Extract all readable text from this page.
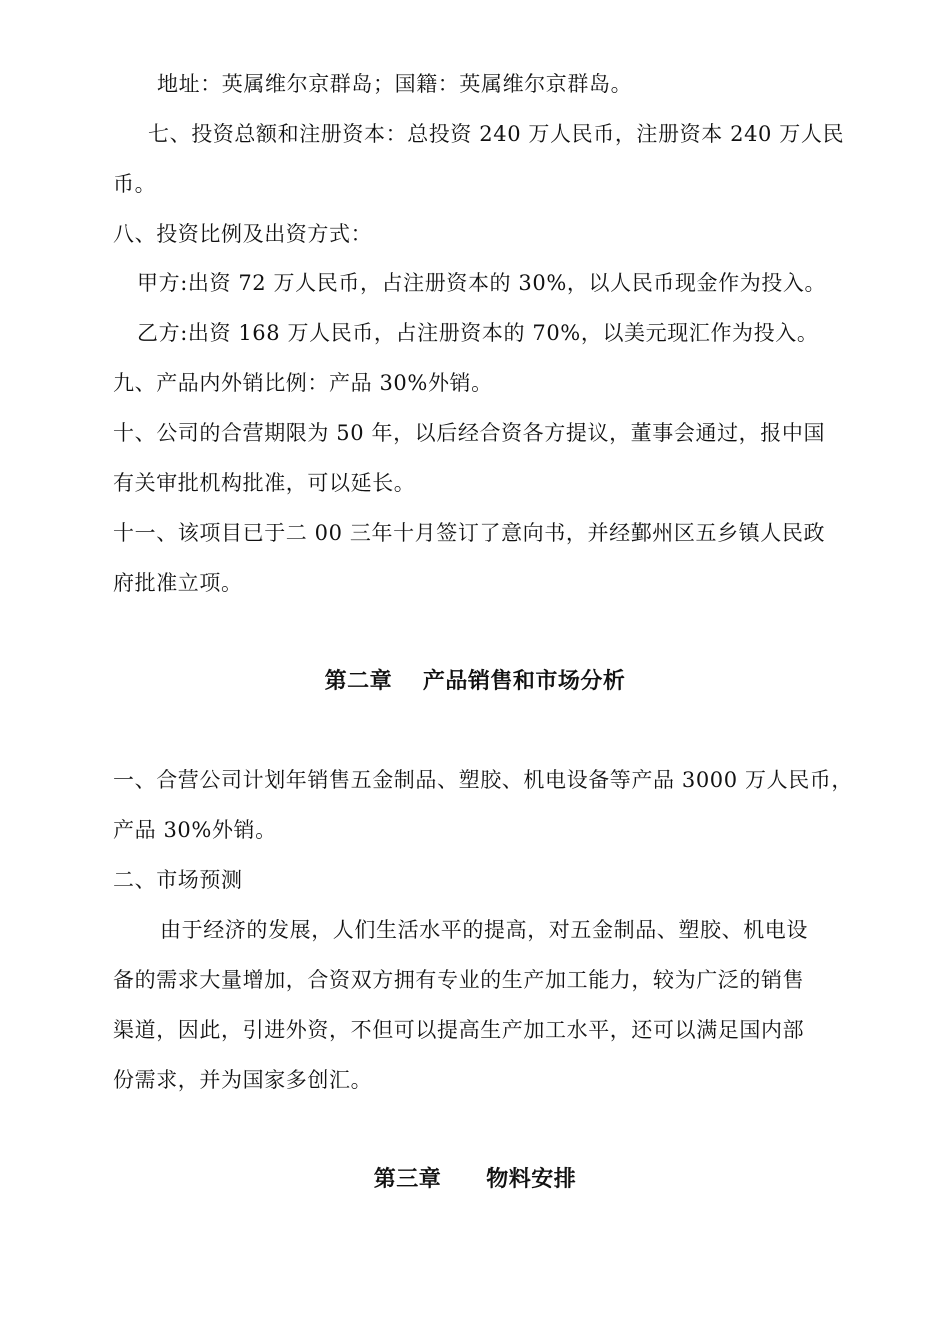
地址：英属维尔京群岛；国籍：英属维尔京群岛。
七、投资总额和注册资本：总投资 240 万人民币，注册资本 240 万人民
币。
八、投资比例及出资方式：
甲方:出资 72 万人民币，占注册资本的 30%，以人民币现金作为投入。
乙方:出资 168 万人民币，占注册资本的 70%，以美元现汇作为投入。
九、产品内外销比例：产品 30%外销。
十、公司的合营期限为 50 年，以后经合资各方提议，董事会通过，报中国
有关审批机构批准，可以延长。
十一、该项目已于二 00 三年十月签订了意向书，并经鄞州区五乡镇人民政
府批准立项。
第二章　 产品销售和市场分析
一、合营公司计划年销售五金制品、塑胶、机电设备等产品 3000 万人民币，
产品 30%外销。
二、市场预测
由于经济的发展，人们生活水平的提高，对五金制品、塑胶、机电设
备的需求大量增加，合资双方拥有专业的生产加工能力，较为广泛的销售
渠道，因此，引进外资，不但可以提高生产加工水平，还可以满足国内部
份需求，并为国家多创汇。
第三章　　物料安排
